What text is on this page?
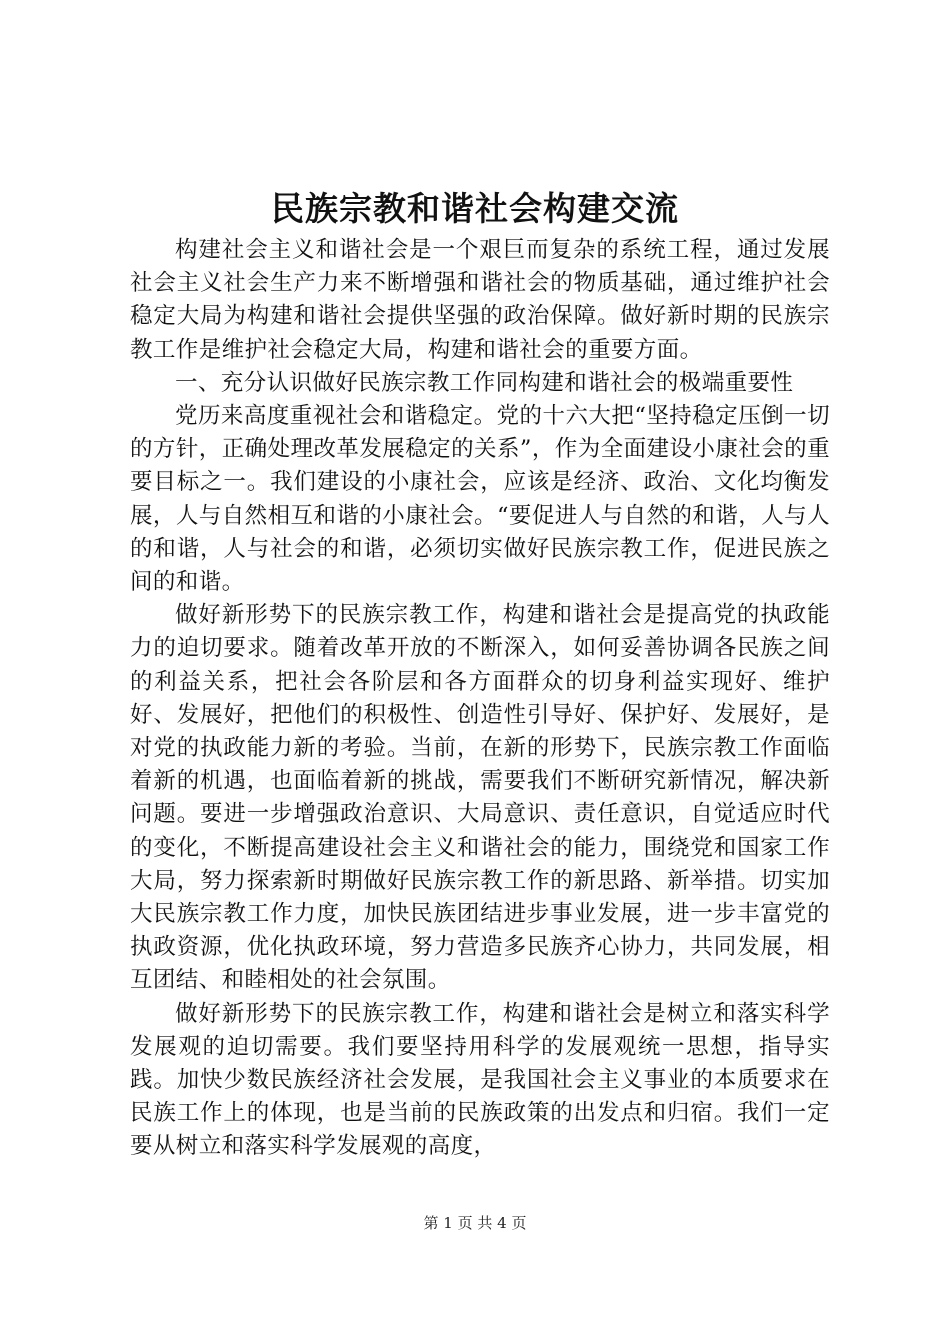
民族宗教和谐社会构建交流

构建社会主义和谐社会是一个艰巨而复杂的系统工程，通过发展社会主义社会生产力来不断增强和谐社会的物质基础，通过维护社会稳定大局为构建和谐社会提供坚强的政治保障。做好新时期的民族宗教工作是维护社会稳定大局，构建和谐社会的重要方面。

一、充分认识做好民族宗教工作同构建和谐社会的极端重要性

党历来高度重视社会和谐稳定。党的十六大把“坚持稳定压倒一切的方针，正确处理改革发展稳定的关系”，作为全面建设小康社会的重要目标之一。我们建设的小康社会，应该是经济、政治、文化均衡发展，人与自然相互和谐的小康社会。“要促进人与自然的和谐，人与人的和谐，人与社会的和谐，必须切实做好民族宗教工作，促进民族之间的和谐。

做好新形势下的民族宗教工作，构建和谐社会是提高党的执政能力的迫切要求。随着改革开放的不断深入，如何妥善协调各民族之间的利益关系，把社会各阶层和各方面群众的切身利益实现好、维护好、发展好，把他们的积极性、创造性引导好、保护好、发展好，是对党的执政能力新的考验。当前，在新的形势下，民族宗教工作面临着新的机遇，也面临着新的挑战，需要我们不断研究新情况，解决新问题。要进一步增强政治意识、大局意识、责任意识，自觉适应时代的变化，不断提高建设社会主义和谐社会的能力，围绕党和国家工作大局，努力探索新时期做好民族宗教工作的新思路、新举措。切实加大民族宗教工作力度，加快民族团结进步事业发展，进一步丰富党的执政资源，优化执政环境，努力营造多民族齐心协力，共同发展，相互团结、和睦相处的社会氛围。

做好新形势下的民族宗教工作，构建和谐社会是树立和落实科学发展观的迫切需要。我们要坚持用科学的发展观统一思想，指导实践。加快少数民族经济社会发展，是我国社会主义事业的本质要求在民族工作上的体现，也是当前的民族政策的出发点和归宿。我们一定要从树立和落实科学发展观的高度，

第 1 页 共 4 页
